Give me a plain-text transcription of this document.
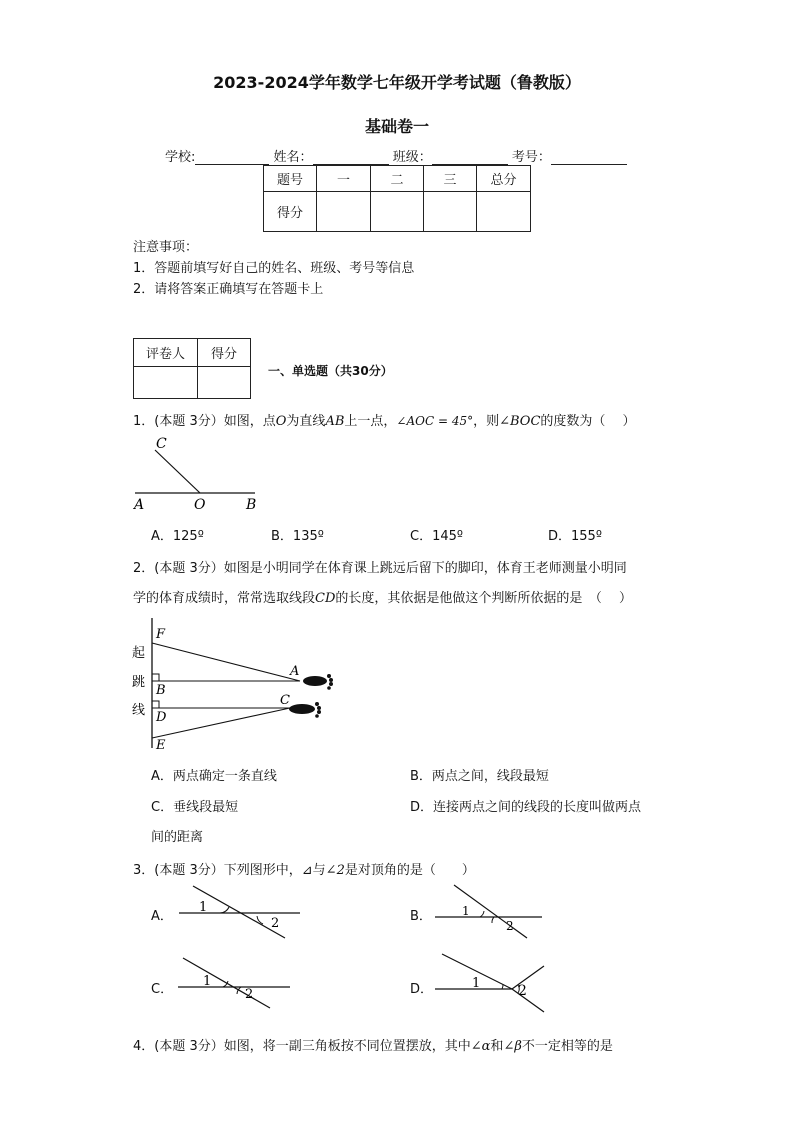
2023-2024学年数学七年级开学考试题（鲁教版）
基础卷一
学校:	姓名：	班级：	考号：
题号	一	二	三	总分
得分				
注意事项：
1．答题前填写好自己的姓名、班级、考号等信息
2．请将答案正确填写在答题卡上
评卷人	得分

一、单选题（共30分）
1．(本题 3分）如图，点O为直线AB上一点，∠AOC = 45°，则∠BOC的度数为（　 ）
C
A	O	B
A．125º	B．135º	C．145º	D．155º
2．(本题 3分）如图是小明同学在体育课上跳远后留下的脚印，体育王老师测量小明同
学的体育成绩时，常常选取线段CD的长度，其依据是他做这个判断所依据的是　（　 ）
F
B
D
E
A
C
起
跳
线
A．两点确定一条直线	B．两点之间，线段最短
C．垂线段最短	D．连接两点之间的线段的长度叫做两点
间的距离
3．(本题 3分）下列图形中，⊿与∠2是对顶角的是（　　）
A．
1
2	B．	1
2
C．
1
2	D．	1	2
4．(本题 3分）如图，将一副三角板按不同位置摆放，其中∠α和∠β不一定相等的是
